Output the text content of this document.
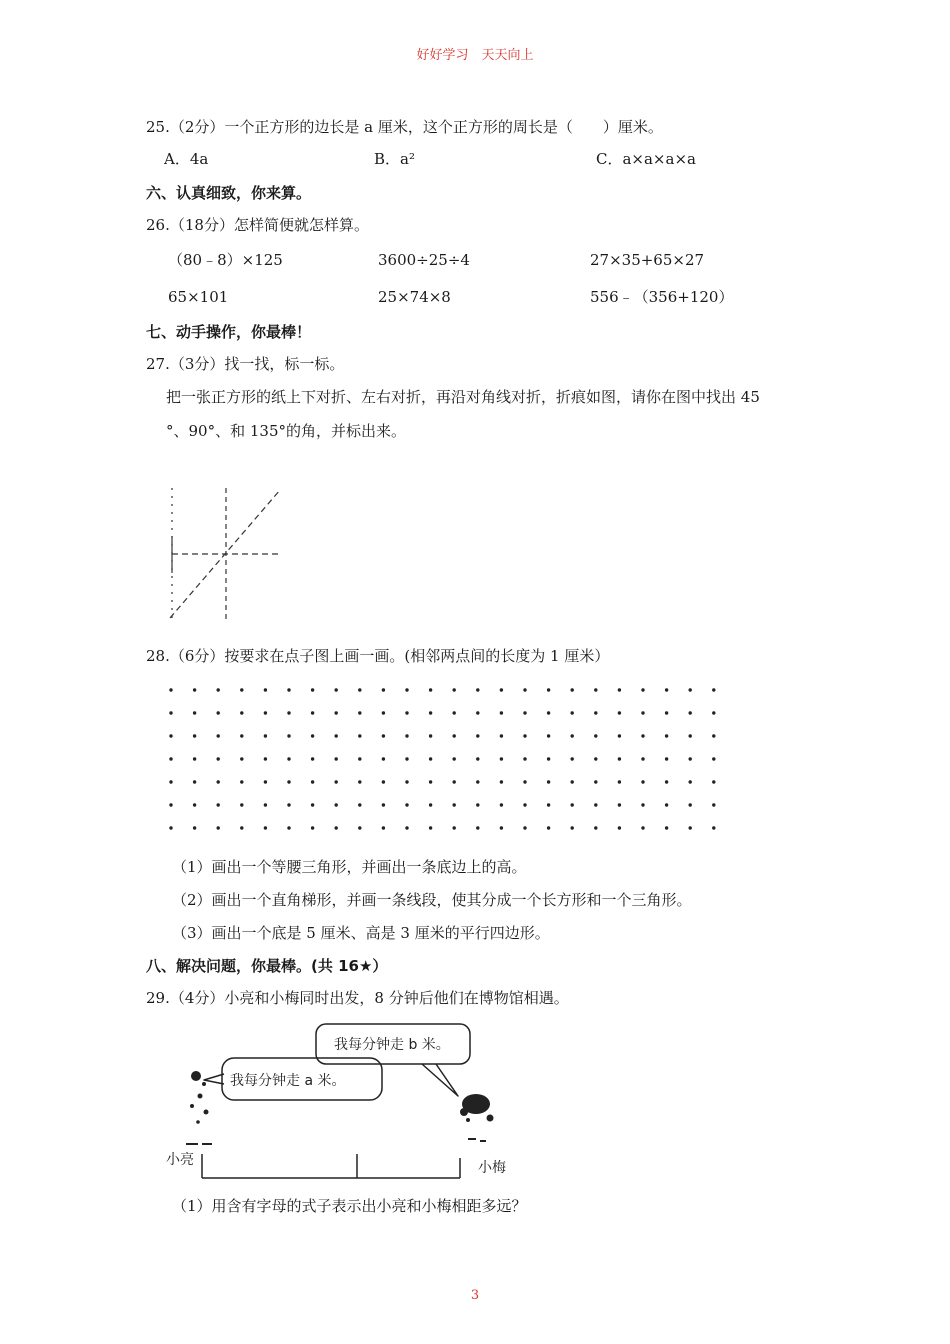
好好学习　天天向上
25.（2分）一个正方形的边长是 a 厘米，这个正方形的周长是（　　）厘米。
A．4a	B．a²	C．a×a×a×a
六、认真细致，你来算。
26.（18分）怎样简便就怎样算。
（80﹣8）×125	3600÷25÷4	27×35+65×27
65×101	25×74×8	556﹣（356+120）
七、动手操作，你最棒！
27.（3分）找一找，标一标。
把一张正方形的纸上下对折、左右对折，再沿对角线对折，折痕如图，请你在图中找出 45
°、90°、和 135°的角，并标出来。
28.（6分）按要求在点子图上画一画。(相邻两点间的长度为 1 厘米）
（1）画出一个等腰三角形，并画出一条底边上的高。
（2）画出一个直角梯形，并画一条线段，使其分成一个长方形和一个三角形。
（3）画出一个底是 5 厘米、高是 3 厘米的平行四边形。
八、解决问题，你最棒。(共 16★）
29.（4分）小亮和小梅同时出发，8 分钟后他们在博物馆相遇。
我每分钟走 a 米。
我每分钟走 b 米。
小亮	小梅
（1）用含有字母的式子表示出小亮和小梅相距多远？
3
